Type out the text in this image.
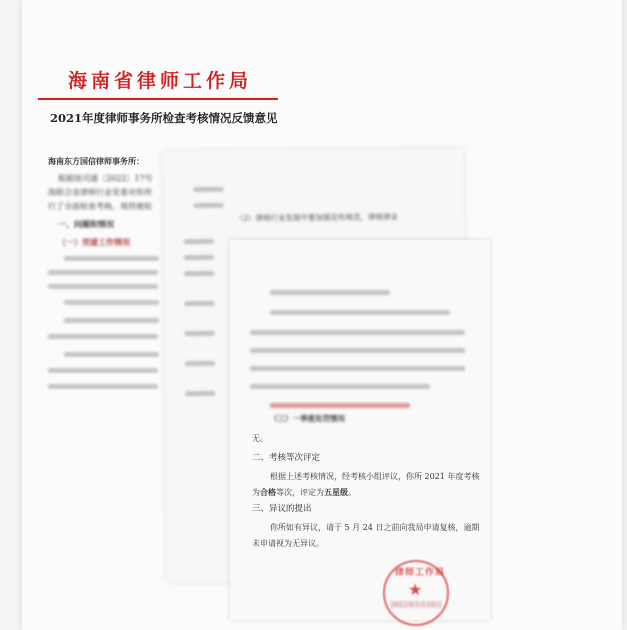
海南省律师工作局
2021年度律师事务所检查考核情况反馈意见
海南东方国信律师事务所：
根据琼司通〔2022〕17号
海联合省律师行业党委对你所
行了全面检查考核。观将被检
一、问题和情况
（一）党建工作情况
（2）律师行业发展中要加强宣传规范，律师律业
（三）一季度处罚情况
无。
二、考核等次评定
根据上述考核情况，经考核小组评议，你所 2021 年度考核
为合格等次，评定为五星级。
三、异议的提出
你所如有异议，请于 5 月 24 日之前向我局申请复核，逾期
未申请视为无异议。
2022年5月16日
律师工作局
★
